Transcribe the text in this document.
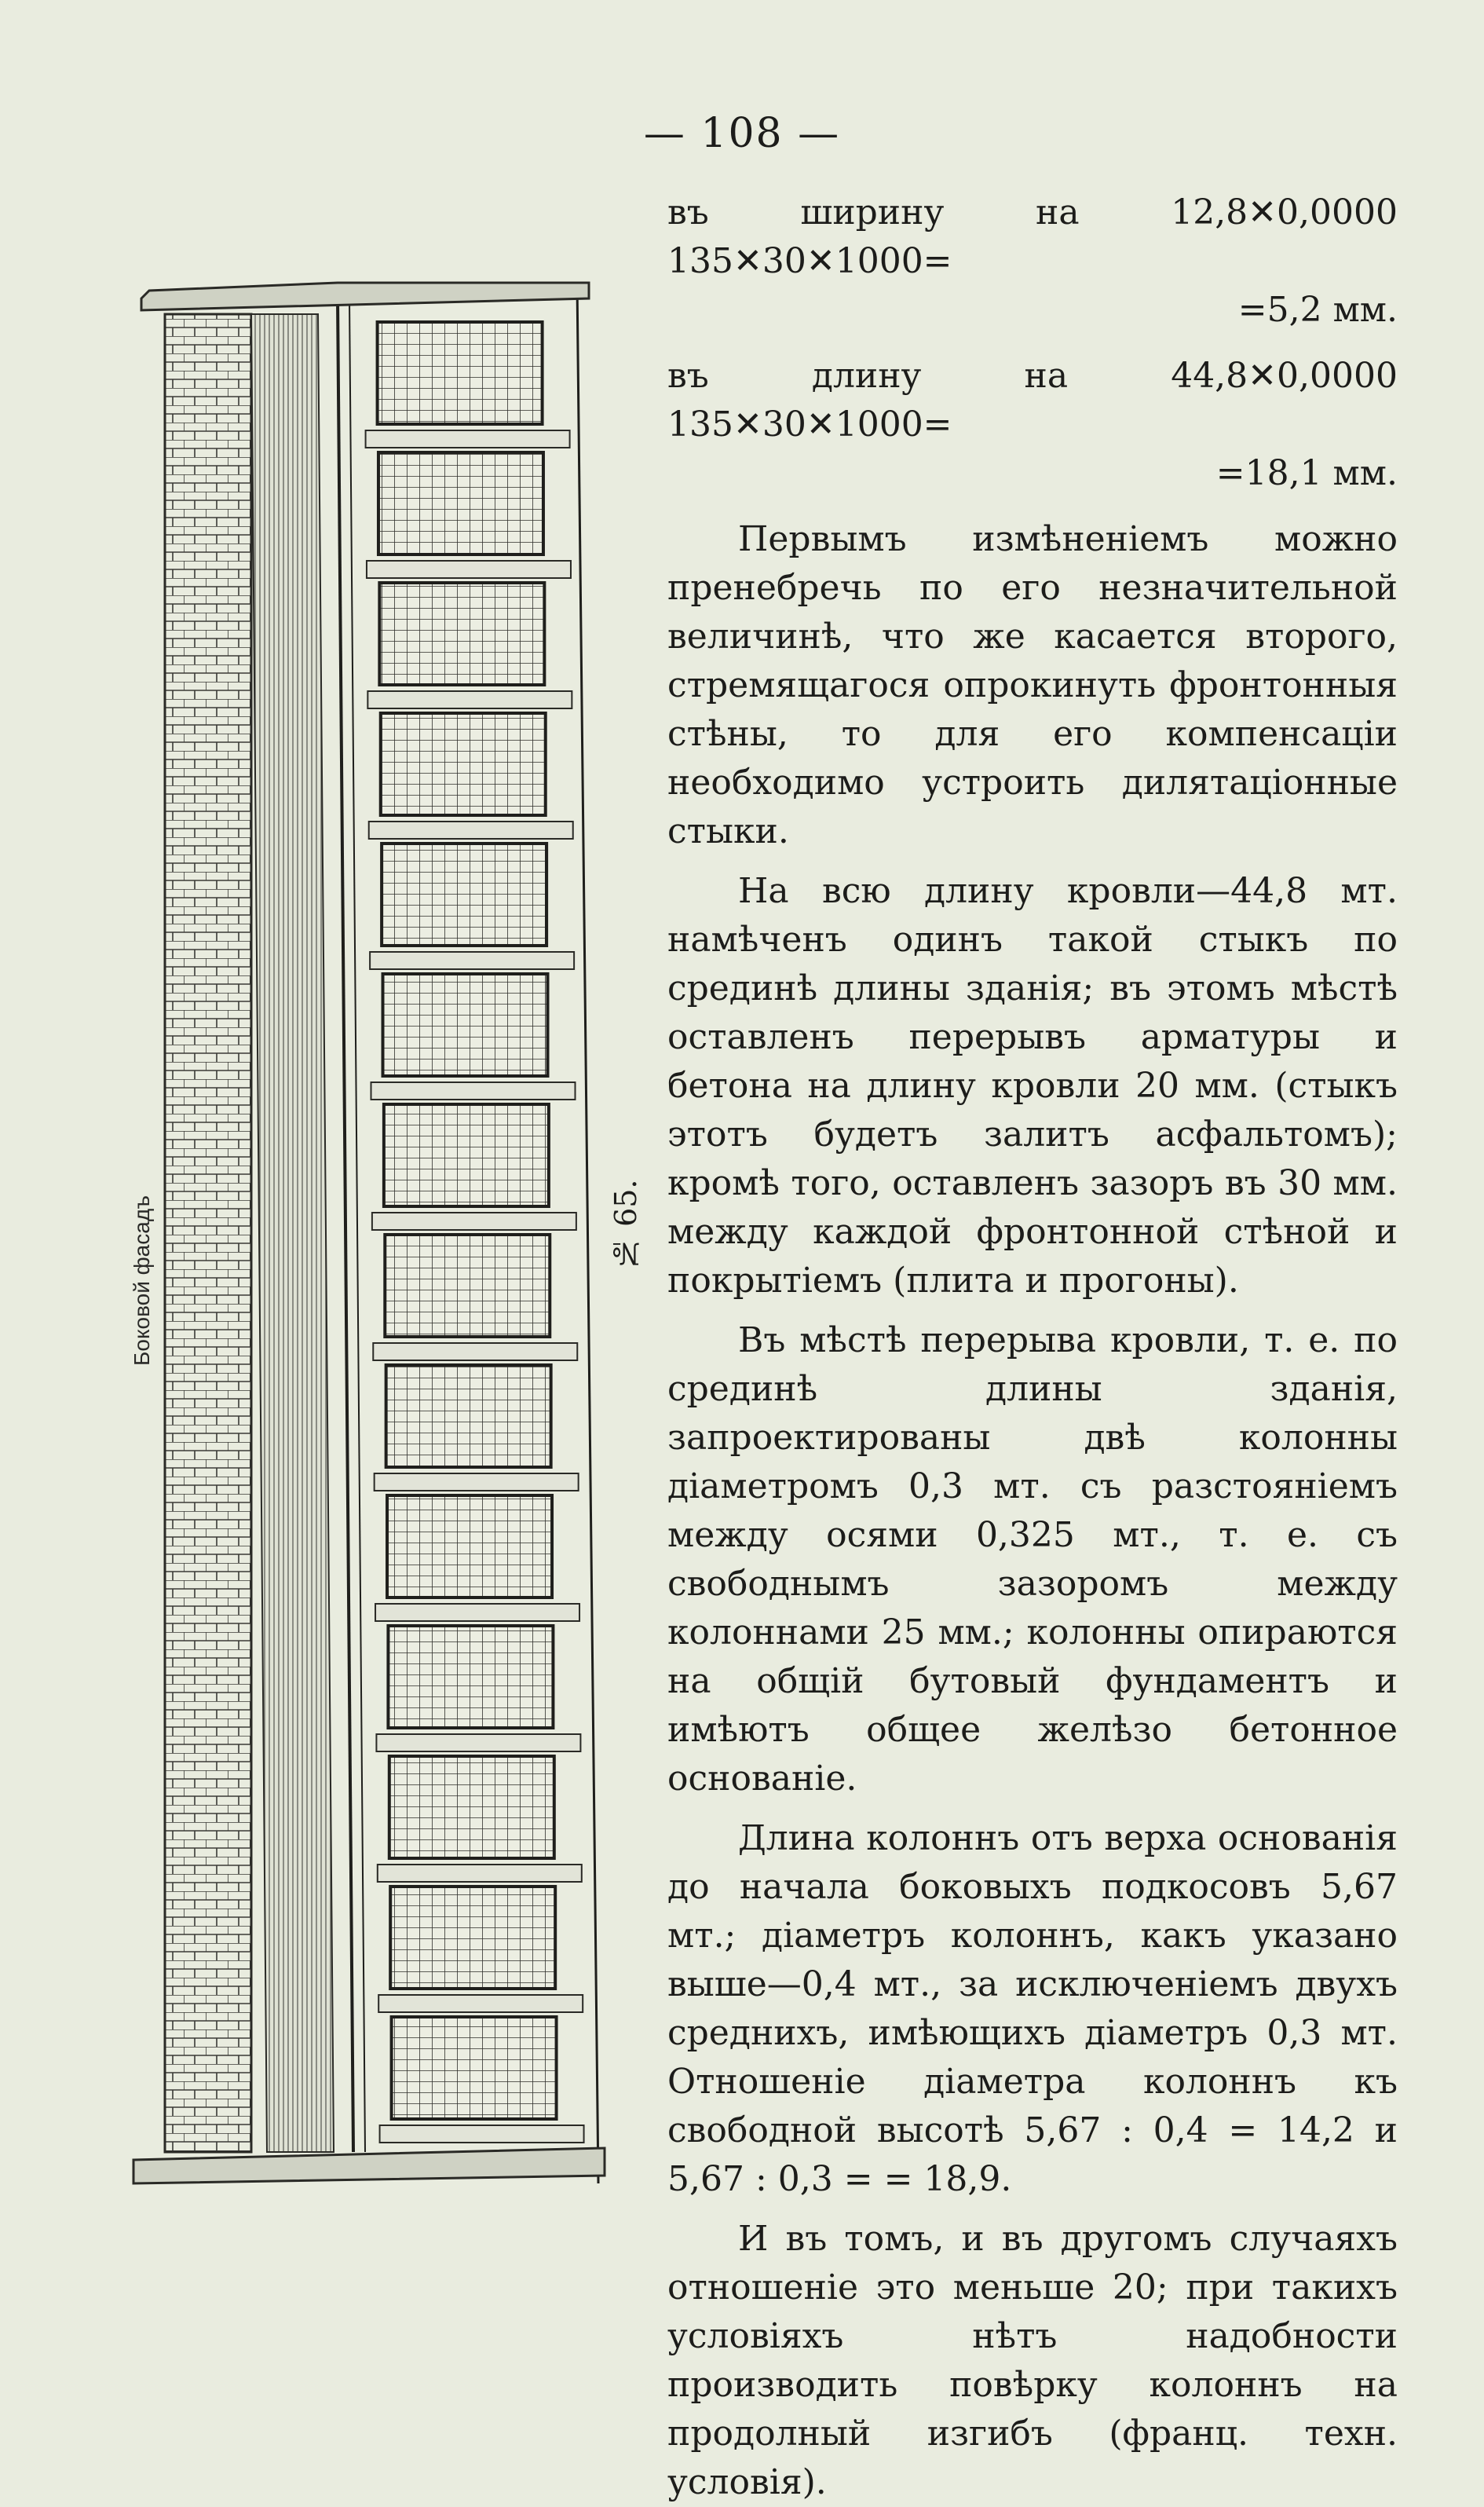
— 108 —
Боковой фасадъ	№ 65.
въ ширину на 12,8✕0,0000 135✕30✕1000=
=5,2 мм.
въ длину на 44,8✕0,0000 135✕30✕1000=
=18,1 мм.

Первымъ измѣненіемъ можно пренебречь по его незначительной величинѣ, что же касается второго, стремящагося опрокинуть фронтонныя стѣны, то для его компенсаціи необходимо устроить дилятаціонные стыки.

На всю длину кровли—44,8 мт. намѣченъ одинъ такой стыкъ по срединѣ длины зданія; въ этомъ мѣстѣ оставленъ перерывъ арматуры и бетона на длину кровли 20 мм. (стыкъ этотъ будетъ залитъ асфальтомъ); кромѣ того, оставленъ зазоръ въ 30 мм. между каждой фронтонной стѣной и покрытіемъ (плита и прогоны).

Въ мѣстѣ перерыва кровли, т. е. по срединѣ длины зданія, запроектированы двѣ колонны діаметромъ 0,3 мт. съ разстояніемъ между осями 0,325 мт., т. е. съ свободнымъ зазоромъ между колоннами 25 мм.; колонны опираются на общій бутовый фундаментъ и имѣютъ общее желѣзо бетонное основаніе.

Длина колоннъ отъ верха основанія до начала боковыхъ подкосовъ 5,67 мт.; діаметръ колоннъ, какъ указано выше—0,4 мт., за исключеніемъ двухъ среднихъ, имѣющихъ діаметръ 0,3 мт. Отношеніе діаметра колоннъ къ свободной высотѣ 5,67 : 0,4 = 14,2 и 5,67 : 0,3 = = 18,9.

И въ томъ, и въ другомъ случаяхъ отношеніе это меньше 20; при такихъ условіяхъ нѣтъ надобности производить повѣрку колоннъ на продолный изгибъ (франц. техн. условія).
